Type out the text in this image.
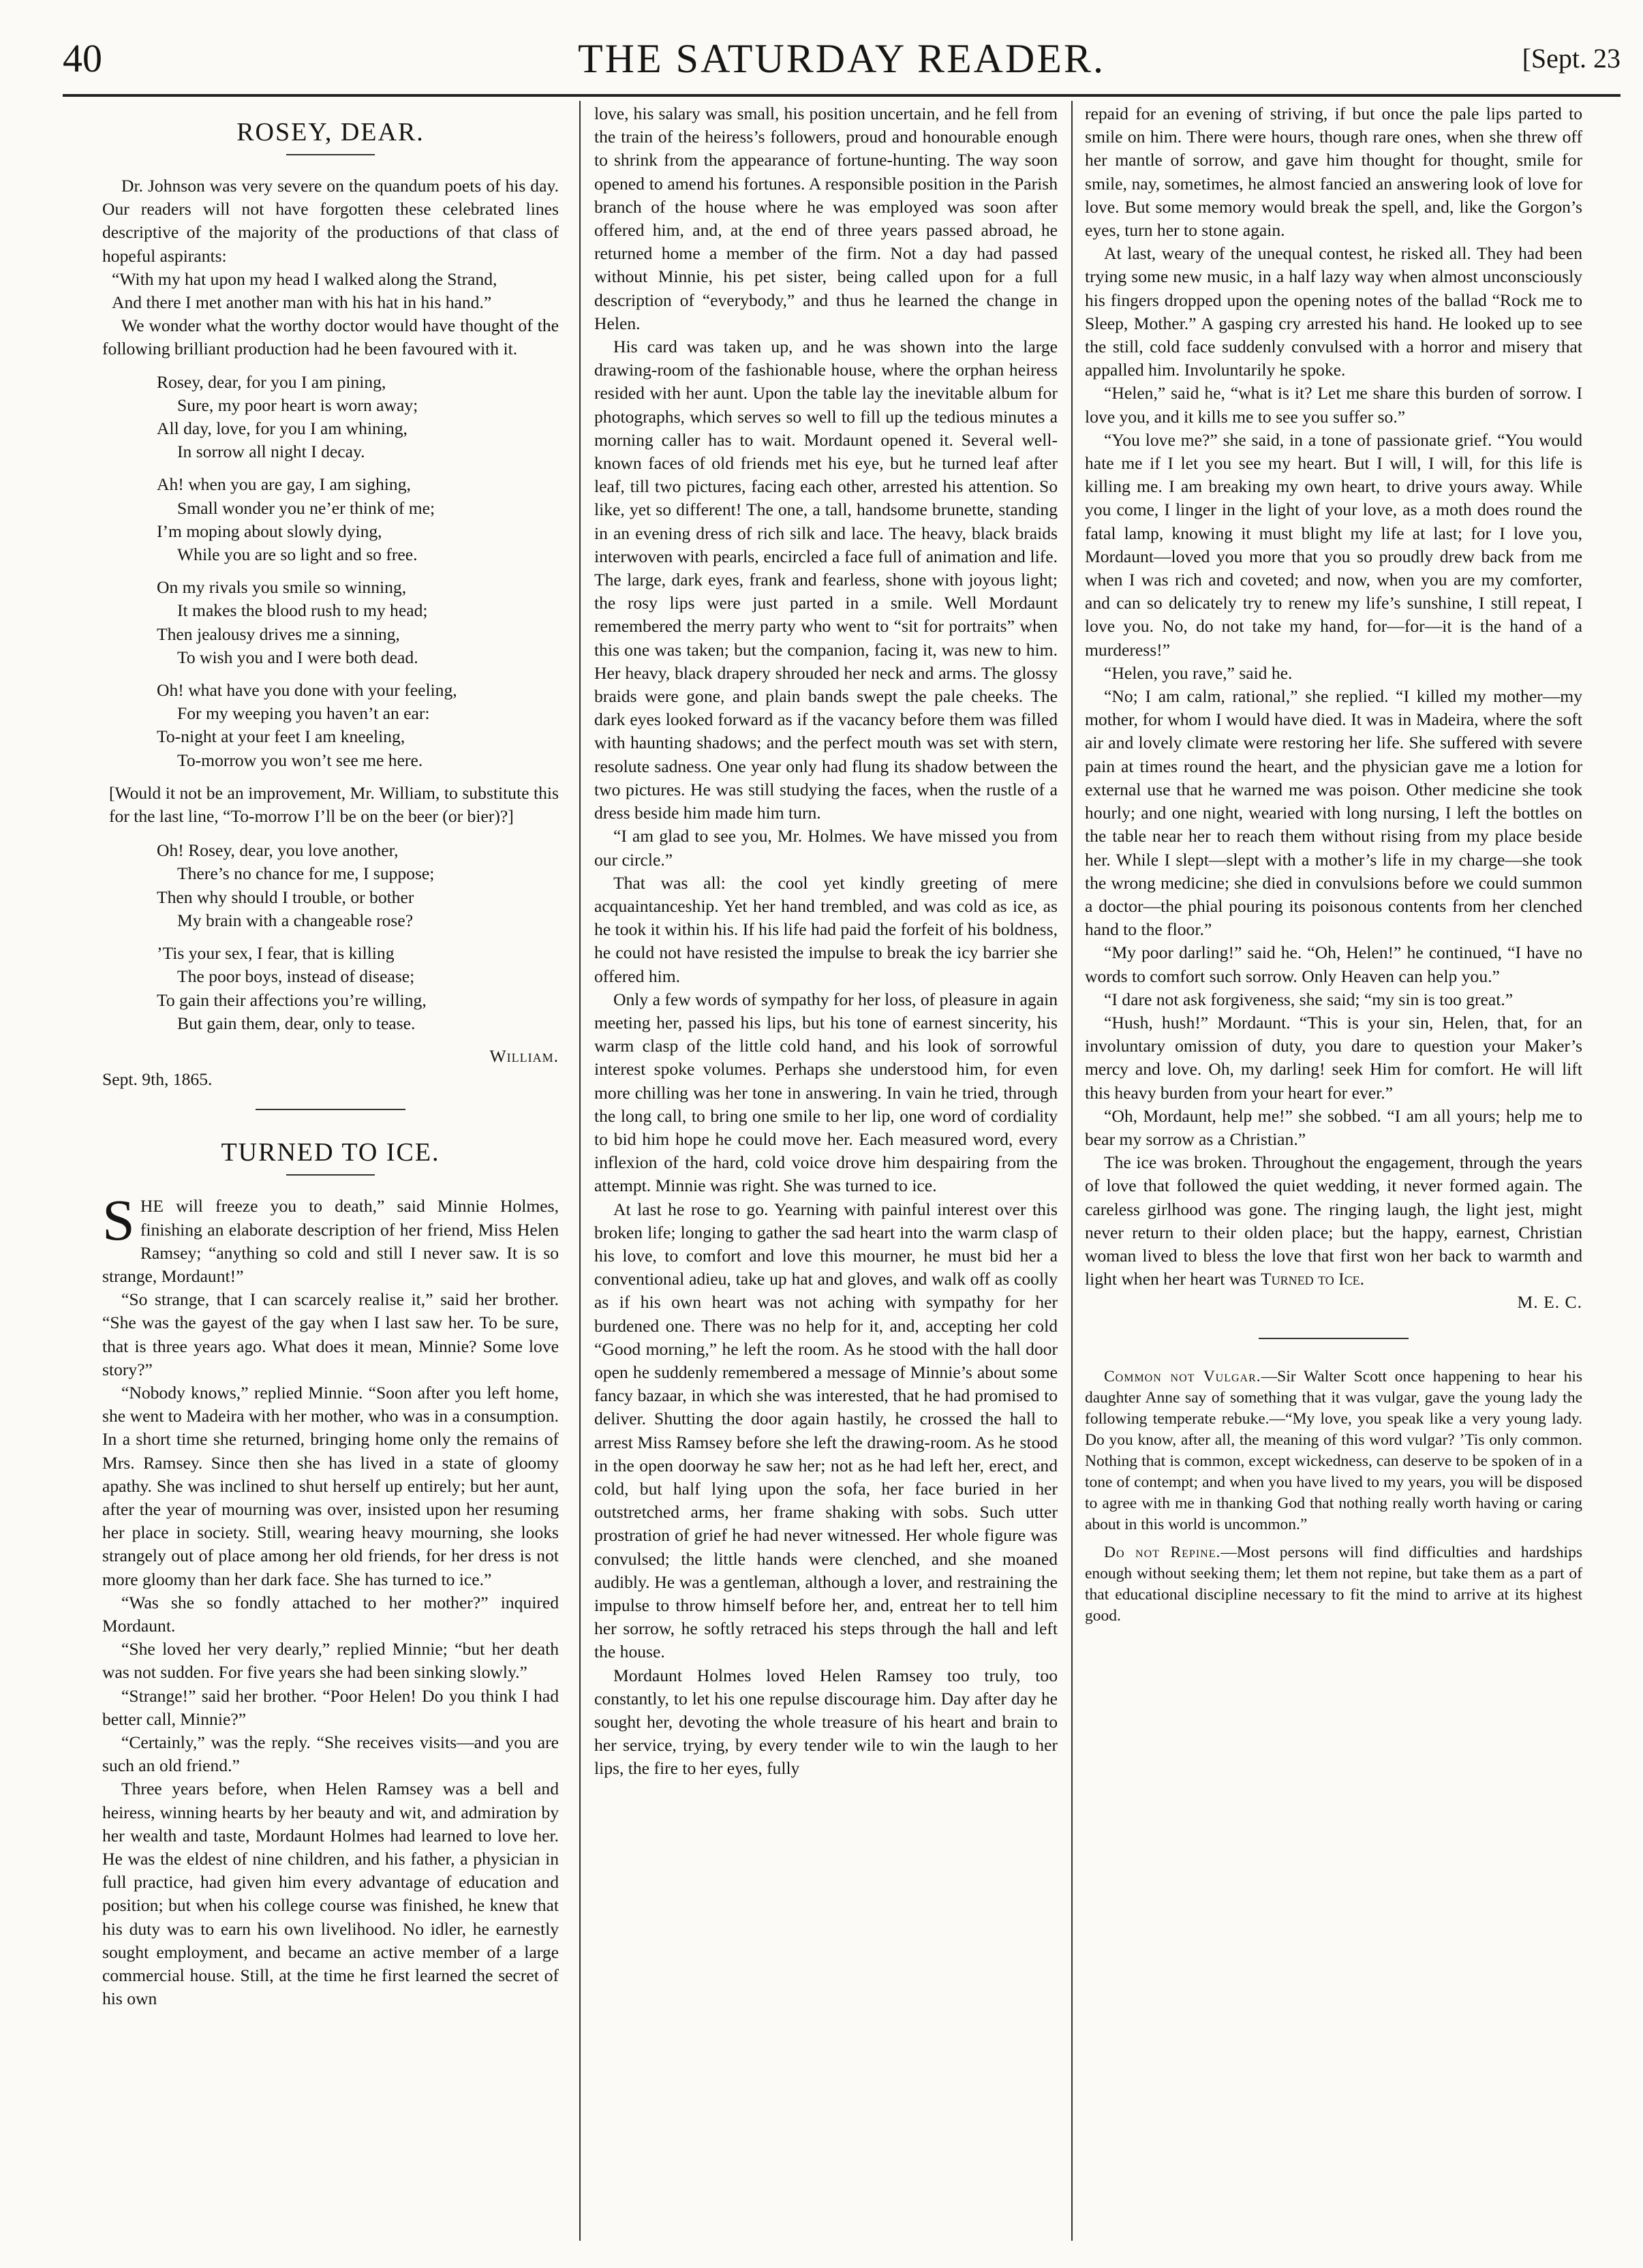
40	THE SATURDAY READER.	[Sept. 23
ROSEY, DEAR.

Dr. Johnson was very severe on the quandum poets of his day. Our readers will not have forgotten these celebrated lines descriptive of the majority of the productions of that class of hopeful aspirants:

“With my hat upon my head I walked along the Strand,

And there I met another man with his hat in his hand.”

We wonder what the worthy doctor would have thought of the following brilliant production had he been favoured with it.

Rosey, dear, for you I am pining,
Sure, my poor heart is worn away;
All day, love, for you I am whining,
In sorrow all night I decay.
Ah! when you are gay, I am sighing,
Small wonder you ne’er think of me;
I’m moping about slowly dying,
While you are so light and so free.
On my rivals you smile so winning,
It makes the blood rush to my head;
Then jealousy drives me a sinning,
To wish you and I were both dead.
Oh! what have you done with your feeling,
For my weeping you haven’t an ear:
To-night at your feet I am kneeling,
To-morrow you won’t see me here.

[Would it not be an improvement, Mr. William, to substitute this for the last line, “To-morrow I’ll be on the beer (or bier)?]

Oh! Rosey, dear, you love another,
There’s no chance for me, I suppose;
Then why should I trouble, or bother
My brain with a changeable rose?
’Tis your sex, I fear, that is killing
The poor boys, instead of disease;
To gain their affections you’re willing,
But gain them, dear, only to tease.
William.

Sept. 9th, 1865.

TURNED TO ICE.

SHE will freeze you to death,” said Minnie Holmes, finishing an elaborate description of her friend, Miss Helen Ramsey; “anything so cold and still I never saw. It is so strange, Mordaunt!”

“So strange, that I can scarcely realise it,” said her brother. “She was the gayest of the gay when I last saw her. To be sure, that is three years ago. What does it mean, Minnie? Some love story?”

“Nobody knows,” replied Minnie. “Soon after you left home, she went to Madeira with her mother, who was in a consumption. In a short time she returned, bringing home only the remains of Mrs. Ramsey. Since then she has lived in a state of gloomy apathy. She was inclined to shut herself up entirely; but her aunt, after the year of mourning was over, insisted upon her resuming her place in society. Still, wearing heavy mourning, she looks strangely out of place among her old friends, for her dress is not more gloomy than her dark face. She has turned to ice.”

“Was she so fondly attached to her mother?” inquired Mordaunt.

“She loved her very dearly,” replied Minnie; “but her death was not sudden. For five years she had been sinking slowly.”

“Strange!” said her brother. “Poor Helen! Do you think I had better call, Minnie?”

“Certainly,” was the reply. “She receives visits—and you are such an old friend.”

Three years before, when Helen Ramsey was a bell and heiress, winning hearts by her beauty and wit, and admiration by her wealth and taste, Mordaunt Holmes had learned to love her. He was the eldest of nine children, and his father, a physician in full practice, had given him every advantage of education and position; but when his college course was finished, he knew that his duty was to earn his own livelihood. No idler, he earnestly sought employment, and became an active member of a large commercial house. Still, at the time he first learned the secret of his own

love, his salary was small, his position uncertain, and he fell from the train of the heiress’s followers, proud and honourable enough to shrink from the appearance of fortune-hunting. The way soon opened to amend his fortunes. A responsible position in the Parish branch of the house where he was employed was soon after offered him, and, at the end of three years passed abroad, he returned home a member of the firm. Not a day had passed without Minnie, his pet sister, being called upon for a full description of “everybody,” and thus he learned the change in Helen.

His card was taken up, and he was shown into the large drawing-room of the fashionable house, where the orphan heiress resided with her aunt. Upon the table lay the inevitable album for photographs, which serves so well to fill up the tedious minutes a morning caller has to wait. Mordaunt opened it. Several well-known faces of old friends met his eye, but he turned leaf after leaf, till two pictures, facing each other, arrested his attention. So like, yet so different! The one, a tall, handsome brunette, standing in an evening dress of rich silk and lace. The heavy, black braids interwoven with pearls, encircled a face full of animation and life. The large, dark eyes, frank and fearless, shone with joyous light; the rosy lips were just parted in a smile. Well Mordaunt remembered the merry party who went to “sit for portraits” when this one was taken; but the companion, facing it, was new to him. Her heavy, black drapery shrouded her neck and arms. The glossy braids were gone, and plain bands swept the pale cheeks. The dark eyes looked forward as if the vacancy before them was filled with haunting shadows; and the perfect mouth was set with stern, resolute sadness. One year only had flung its shadow between the two pictures. He was still studying the faces, when the rustle of a dress beside him made him turn.

“I am glad to see you, Mr. Holmes. We have missed you from our circle.”

That was all: the cool yet kindly greeting of mere acquaintanceship. Yet her hand trembled, and was cold as ice, as he took it within his. If his life had paid the forfeit of his boldness, he could not have resisted the impulse to break the icy barrier she offered him.

Only a few words of sympathy for her loss, of pleasure in again meeting her, passed his lips, but his tone of earnest sincerity, his warm clasp of the little cold hand, and his look of sorrowful interest spoke volumes. Perhaps she understood him, for even more chilling was her tone in answering. In vain he tried, through the long call, to bring one smile to her lip, one word of cordiality to bid him hope he could move her. Each measured word, every inflexion of the hard, cold voice drove him despairing from the attempt. Minnie was right. She was turned to ice.

At last he rose to go. Yearning with painful interest over this broken life; longing to gather the sad heart into the warm clasp of his love, to comfort and love this mourner, he must bid her a conventional adieu, take up hat and gloves, and walk off as coolly as if his own heart was not aching with sympathy for her burdened one. There was no help for it, and, accepting her cold “Good morning,” he left the room. As he stood with the hall door open he suddenly remembered a message of Minnie’s about some fancy bazaar, in which she was interested, that he had promised to deliver. Shutting the door again hastily, he crossed the hall to arrest Miss Ramsey before she left the drawing-room. As he stood in the open doorway he saw her; not as he had left her, erect, and cold, but half lying upon the sofa, her face buried in her outstretched arms, her frame shaking with sobs. Such utter prostration of grief he had never witnessed. Her whole figure was convulsed; the little hands were clenched, and she moaned audibly. He was a gentleman, although a lover, and restraining the impulse to throw himself before her, and, entreat her to tell him her sorrow, he softly retraced his steps through the hall and left the house.

Mordaunt Holmes loved Helen Ramsey too truly, too constantly, to let his one repulse discourage him. Day after day he sought her, devoting the whole treasure of his heart and brain to her service, trying, by every tender wile to win the laugh to her lips, the fire to her eyes, fully

repaid for an evening of striving, if but once the pale lips parted to smile on him. There were hours, though rare ones, when she threw off her mantle of sorrow, and gave him thought for thought, smile for smile, nay, sometimes, he almost fancied an answering look of love for love. But some memory would break the spell, and, like the Gorgon’s eyes, turn her to stone again.

At last, weary of the unequal contest, he risked all. They had been trying some new music, in a half lazy way when almost unconsciously his fingers dropped upon the opening notes of the ballad “Rock me to Sleep, Mother.” A gasping cry arrested his hand. He looked up to see the still, cold face suddenly convulsed with a horror and misery that appalled him. Involuntarily he spoke.

“Helen,” said he, “what is it? Let me share this burden of sorrow. I love you, and it kills me to see you suffer so.”

“You love me?” she said, in a tone of passionate grief. “You would hate me if I let you see my heart. But I will, I will, for this life is killing me. I am breaking my own heart, to drive yours away. While you come, I linger in the light of your love, as a moth does round the fatal lamp, knowing it must blight my life at last; for I love you, Mordaunt—loved you more that you so proudly drew back from me when I was rich and coveted; and now, when you are my comforter, and can so delicately try to renew my life’s sunshine, I still repeat, I love you. No, do not take my hand, for—for—it is the hand of a murderess!”

“Helen, you rave,” said he.

“No; I am calm, rational,” she replied. “I killed my mother—my mother, for whom I would have died. It was in Madeira, where the soft air and lovely climate were restoring her life. She suffered with severe pain at times round the heart, and the physician gave me a lotion for external use that he warned me was poison. Other medicine she took hourly; and one night, wearied with long nursing, I left the bottles on the table near her to reach them without rising from my place beside her. While I slept—slept with a mother’s life in my charge—she took the wrong medicine; she died in convulsions before we could summon a doctor—the phial pouring its poisonous contents from her clenched hand to the floor.”

“My poor darling!” said he. “Oh, Helen!” he continued, “I have no words to comfort such sorrow. Only Heaven can help you.”

“I dare not ask forgiveness, she said; “my sin is too great.”

“Hush, hush!” Mordaunt. “This is your sin, Helen, that, for an involuntary omission of duty, you dare to question your Maker’s mercy and love. Oh, my darling! seek Him for comfort. He will lift this heavy burden from your heart for ever.”

“Oh, Mordaunt, help me!” she sobbed. “I am all yours; help me to bear my sorrow as a Christian.”

The ice was broken. Throughout the engagement, through the years of love that followed the quiet wedding, it never formed again. The careless girlhood was gone. The ringing laugh, the light jest, might never return to their olden place; but the happy, earnest, Christian woman lived to bless the love that first won her back to warmth and light when her heart was Turned to Ice.

M. E. C.

Common not Vulgar.—Sir Walter Scott once happening to hear his daughter Anne say of something that it was vulgar, gave the young lady the following temperate rebuke.—“My love, you speak like a very young lady. Do you know, after all, the meaning of this word vulgar? ’Tis only common. Nothing that is common, except wickedness, can deserve to be spoken of in a tone of contempt; and when you have lived to my years, you will be disposed to agree with me in thanking God that nothing really worth having or caring about in this world is uncommon.”

Do not Repine.—Most persons will find difficulties and hardships enough without seeking them; let them not repine, but take them as a part of that educational discipline necessary to fit the mind to arrive at its highest good.
